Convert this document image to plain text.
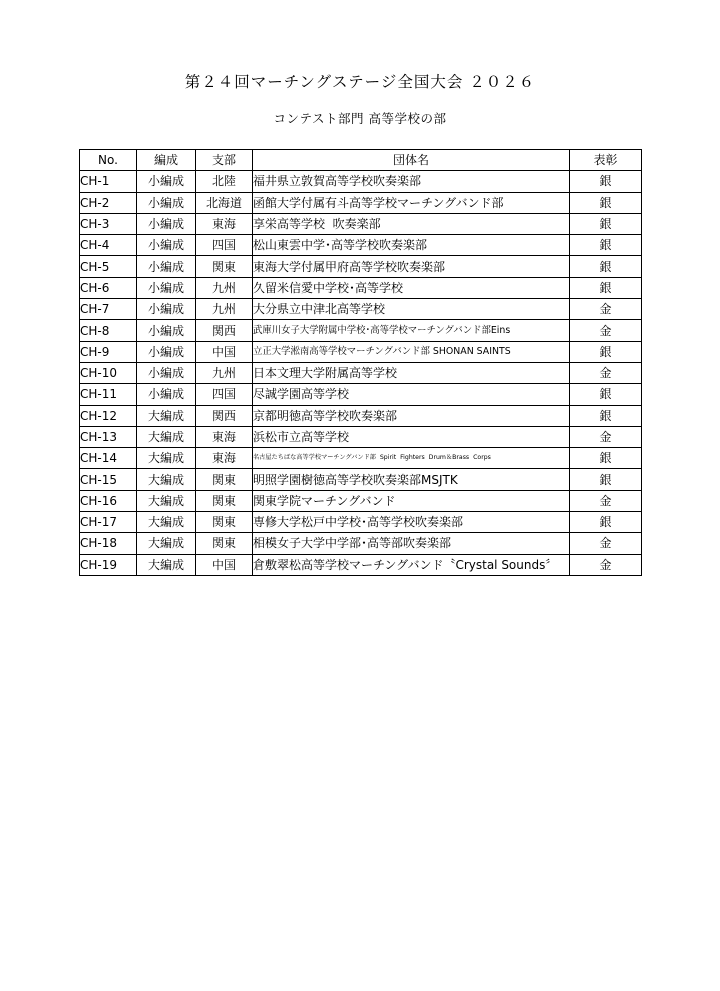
第２４回マーチングステージ全国大会 ２０２６
コンテスト部門 高等学校の部
No.	編成	支部	団体名	表彰
CH-1	小編成	北陸	福井県立敦賀高等学校吹奏楽部	銀
CH-2	小編成	北海道	函館大学付属有斗高等学校マーチングバンド部	銀
CH-3	小編成	東海	享栄高等学校  吹奏楽部	銀
CH-4	小編成	四国	松山東雲中学･高等学校吹奏楽部	銀
CH-5	小編成	関東	東海大学付属甲府高等学校吹奏楽部	銀
CH-6	小編成	九州	久留米信愛中学校･高等学校	銀
CH-7	小編成	九州	大分県立中津北高等学校	金
CH-8	小編成	関西	武庫川女子大学附属中学校･高等学校マーチングバンド部Eins	金
CH-9	小編成	中国	立正大学淞南高等学校マーチングバンド部 SHONAN SAINTS	銀
CH-10	小編成	九州	日本文理大学附属高等学校	金
CH-11	小編成	四国	尽誠学園高等学校	銀
CH-12	大編成	関西	京都明徳高等学校吹奏楽部	銀
CH-13	大編成	東海	浜松市立高等学校	金
CH-14	大編成	東海	名古屋たちばな高等学校マーチングバンド部  Spirit  Fighters  Drum＆Brass  Corps	銀
CH-15	大編成	関東	明照学園樹徳高等学校吹奏楽部MSJTK	銀
CH-16	大編成	関東	関東学院マーチングバンド	金
CH-17	大編成	関東	専修大学松戸中学校･高等学校吹奏楽部	銀
CH-18	大編成	関東	相模女子大学中学部･高等部吹奏楽部	金
CH-19	大編成	中国	倉敷翠松高等学校マーチングバンド〝Crystal Sounds〞	金
